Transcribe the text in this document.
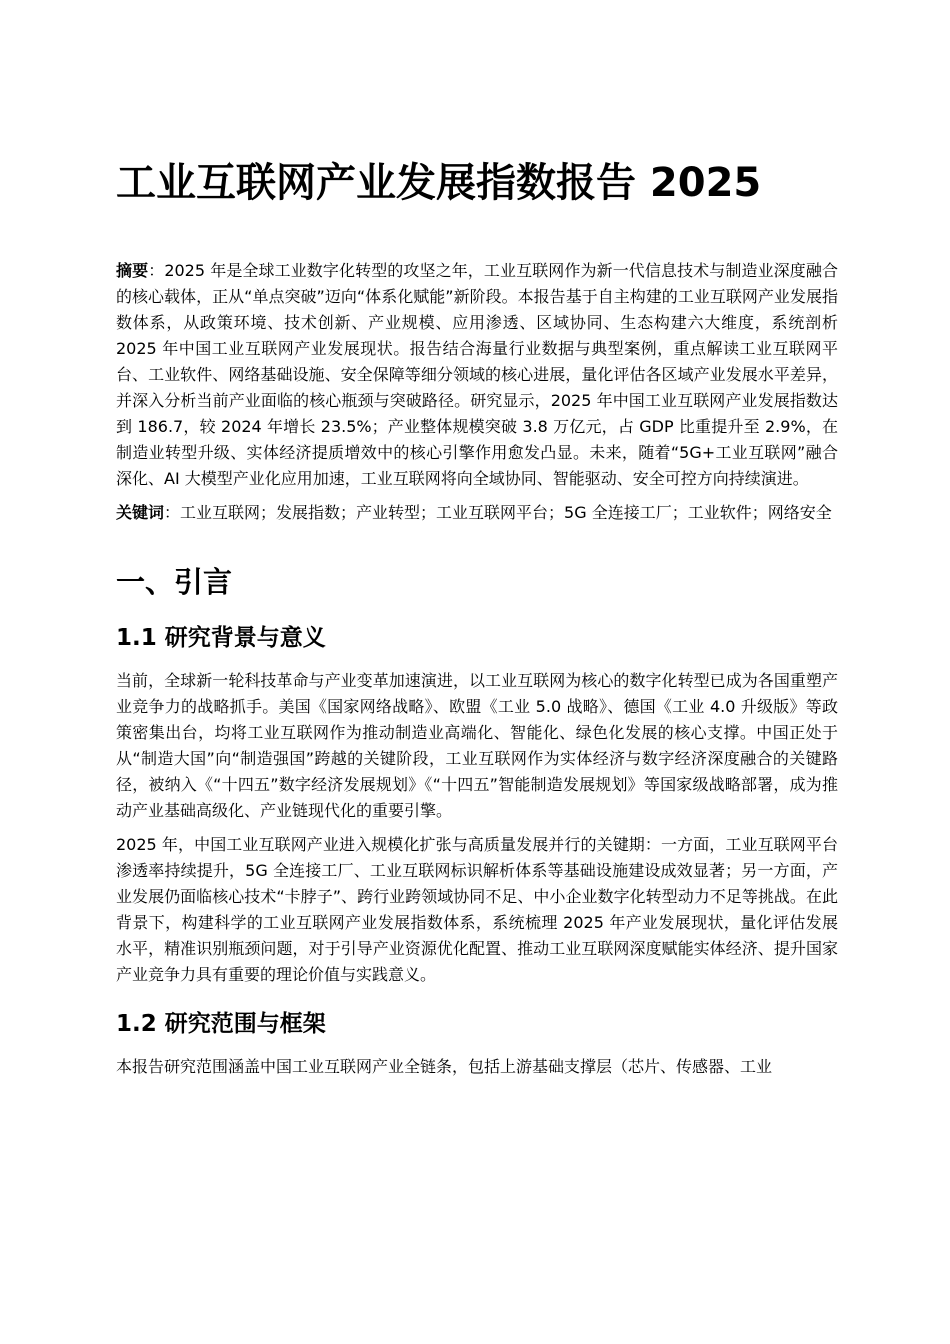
工业互联网产业发展指数报告 2025

摘要：2025 年是全球工业数字化转型的攻坚之年，工业互联网作为新一代信息技术与制造业深度融合的核心载体，正从“单点突破”迈向“体系化赋能”新阶段。本报告基于自主构建的工业互联网产业发展指数体系，从政策环境、技术创新、产业规模、应用渗透、区域协同、生态构建六大维度，系统剖析 2025 年中国工业互联网产业发展现状。报告结合海量行业数据与典型案例，重点解读工业互联网平台、工业软件、网络基础设施、安全保障等细分领域的核心进展，量化评估各区域产业发展水平差异，并深入分析当前产业面临的核心瓶颈与突破路径。研究显示，2025 年中国工业互联网产业发展指数达到 186.7，较 2024 年增长 23.5%；产业整体规模突破 3.8 万亿元，占 GDP 比重提升至 2.9%，在制造业转型升级、实体经济提质增效中的核心引擎作用愈发凸显。未来，随着“5G+工业互联网”融合深化、AI 大模型产业化应用加速，工业互联网将向全域协同、智能驱动、安全可控方向持续演进。

关键词：工业互联网；发展指数；产业转型；工业互联网平台；5G 全连接工厂；工业软件；网络安全

一、引言
1.1 研究背景与意义

当前，全球新一轮科技革命与产业变革加速演进，以工业互联网为核心的数字化转型已成为各国重塑产业竞争力的战略抓手。美国《国家网络战略》、欧盟《工业 5.0 战略》、德国《工业 4.0 升级版》等政策密集出台，均将工业互联网作为推动制造业高端化、智能化、绿色化发展的核心支撑。中国正处于从“制造大国”向“制造强国”跨越的关键阶段，工业互联网作为实体经济与数字经济深度融合的关键路径，被纳入《“十四五”数字经济发展规划》《“十四五”智能制造发展规划》等国家级战略部署，成为推动产业基础高级化、产业链现代化的重要引擎。

2025 年，中国工业互联网产业进入规模化扩张与高质量发展并行的关键期：一方面，工业互联网平台渗透率持续提升，5G 全连接工厂、工业互联网标识解析体系等基础设施建设成效显著；另一方面，产业发展仍面临核心技术“卡脖子”、跨行业跨领域协同不足、中小企业数字化转型动力不足等挑战。在此背景下，构建科学的工业互联网产业发展指数体系，系统梳理 2025 年产业发展现状，量化评估发展水平，精准识别瓶颈问题，对于引导产业资源优化配置、推动工业互联网深度赋能实体经济、提升国家产业竞争力具有重要的理论价值与实践意义。

1.2 研究范围与框架

本报告研究范围涵盖中国工业互联网产业全链条，包括上游基础支撑层（芯片、传感器、工业
